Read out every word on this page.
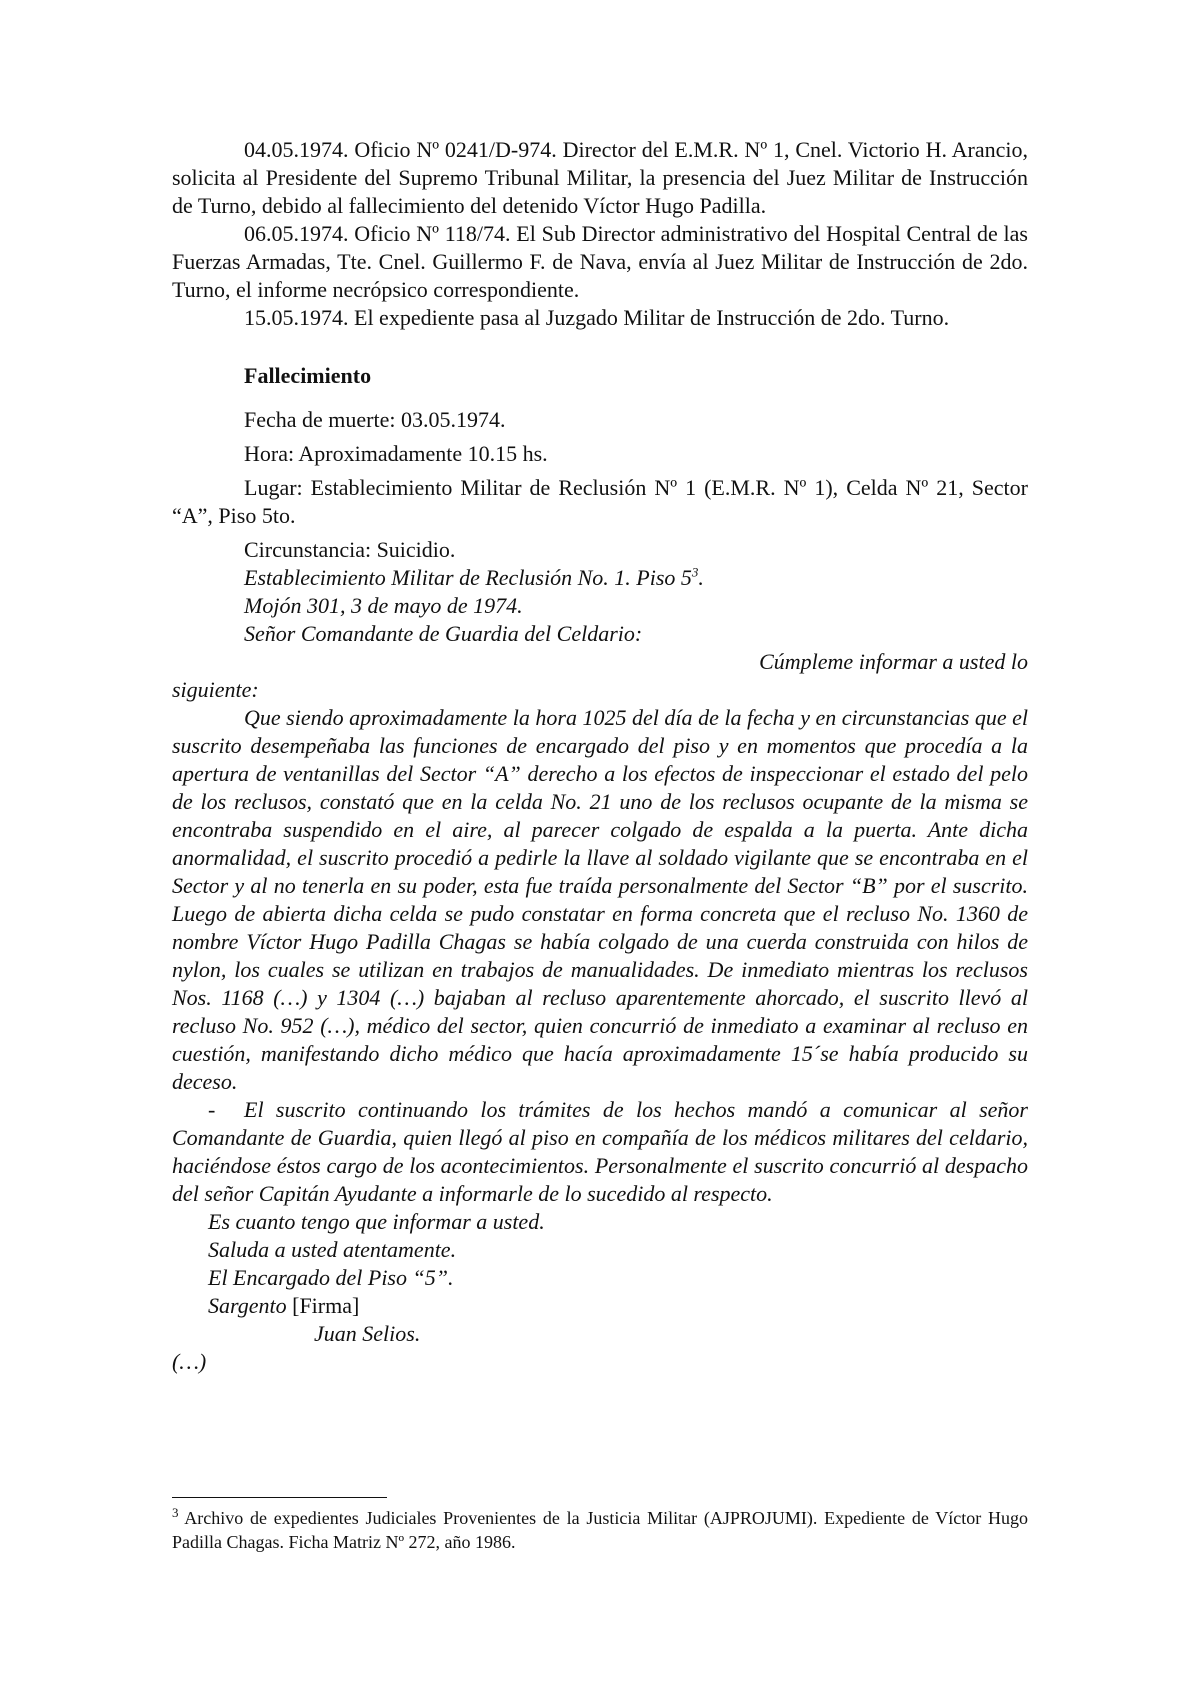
04.05.1974. Oficio Nº 0241/D-974. Director del E.M.R. Nº 1, Cnel. Victorio H. Arancio, solicita al Presidente del Supremo Tribunal Militar, la presencia del Juez Militar de Instrucción de Turno, debido al fallecimiento del detenido Víctor Hugo Padilla.

06.05.1974. Oficio Nº 118/74. El Sub Director administrativo del Hospital Central de las Fuerzas Armadas, Tte. Cnel. Guillermo F. de Nava, envía al Juez Militar de Instrucción de 2do. Turno, el informe necrópsico correspondiente.

15.05.1974. El expediente pasa al Juzgado Militar de Instrucción de 2do. Turno.

Fallecimiento

Fecha de muerte: 03.05.1974.

Hora: Aproximadamente 10.15 hs.

Lugar: Establecimiento Militar de Reclusión Nº 1 (E.M.R. Nº 1), Celda Nº 21, Sector “A”, Piso 5to.

Circunstancia: Suicidio.

Establecimiento Militar de Reclusión No. 1. Piso $5^3$.

Mojón 301, 3 de mayo de 1974.

Señor Comandante de Guardia del Celdario:

Cúmpleme informar a usted lo

siguiente:

Que siendo aproximadamente la hora 1025 del día de la fecha y en circunstancias que el suscrito desempeñaba las funciones de encargado del piso y en momentos que procedía a la apertura de ventanillas del Sector “A” derecho a los efectos de inspeccionar el estado del pelo de los reclusos, constató que en la celda No. 21 uno de los reclusos ocupante de la misma se encontraba suspendido en el aire, al parecer colgado de espalda a la puerta. Ante dicha anormalidad, el suscrito procedió a pedirle la llave al soldado vigilante que se encontraba en el Sector y al no tenerla en su poder, esta fue traída personalmente del Sector “B” por el suscrito. Luego de abierta dicha celda se pudo constatar en forma concreta que el recluso No. 1360 de nombre Víctor Hugo Padilla Chagas se había colgado de una cuerda construida con hilos de nylon, los cuales se utilizan en trabajos de manualidades. De inmediato mientras los reclusos Nos. 1168 (…) y 1304 (…) bajaban al recluso aparentemente ahorcado, el suscrito llevó al recluso No. 952 (…), médico del sector, quien concurrió de inmediato a examinar al recluso en cuestión, manifestando dicho médico que hacía aproximadamente 15´se había producido su deceso.

- El suscrito continuando los trámites de los hechos mandó a comunicar al señor Comandante de Guardia, quien llegó al piso en compañía de los médicos militares del celdario, haciéndose éstos cargo de los acontecimientos. Personalmente el suscrito concurrió al despacho del señor Capitán Ayudante a informarle de lo sucedido al respecto.

Es cuanto tengo que informar a usted.

Saluda a usted atentamente.

El Encargado del Piso “5”.

Sargento [Firma]

Juan Selios.

(…)

$^3$ Archivo de expedientes Judiciales Provenientes de la Justicia Militar (AJPROJUMI). Expediente de Víctor Hugo Padilla Chagas. Ficha Matriz Nº 272, año 1986.
